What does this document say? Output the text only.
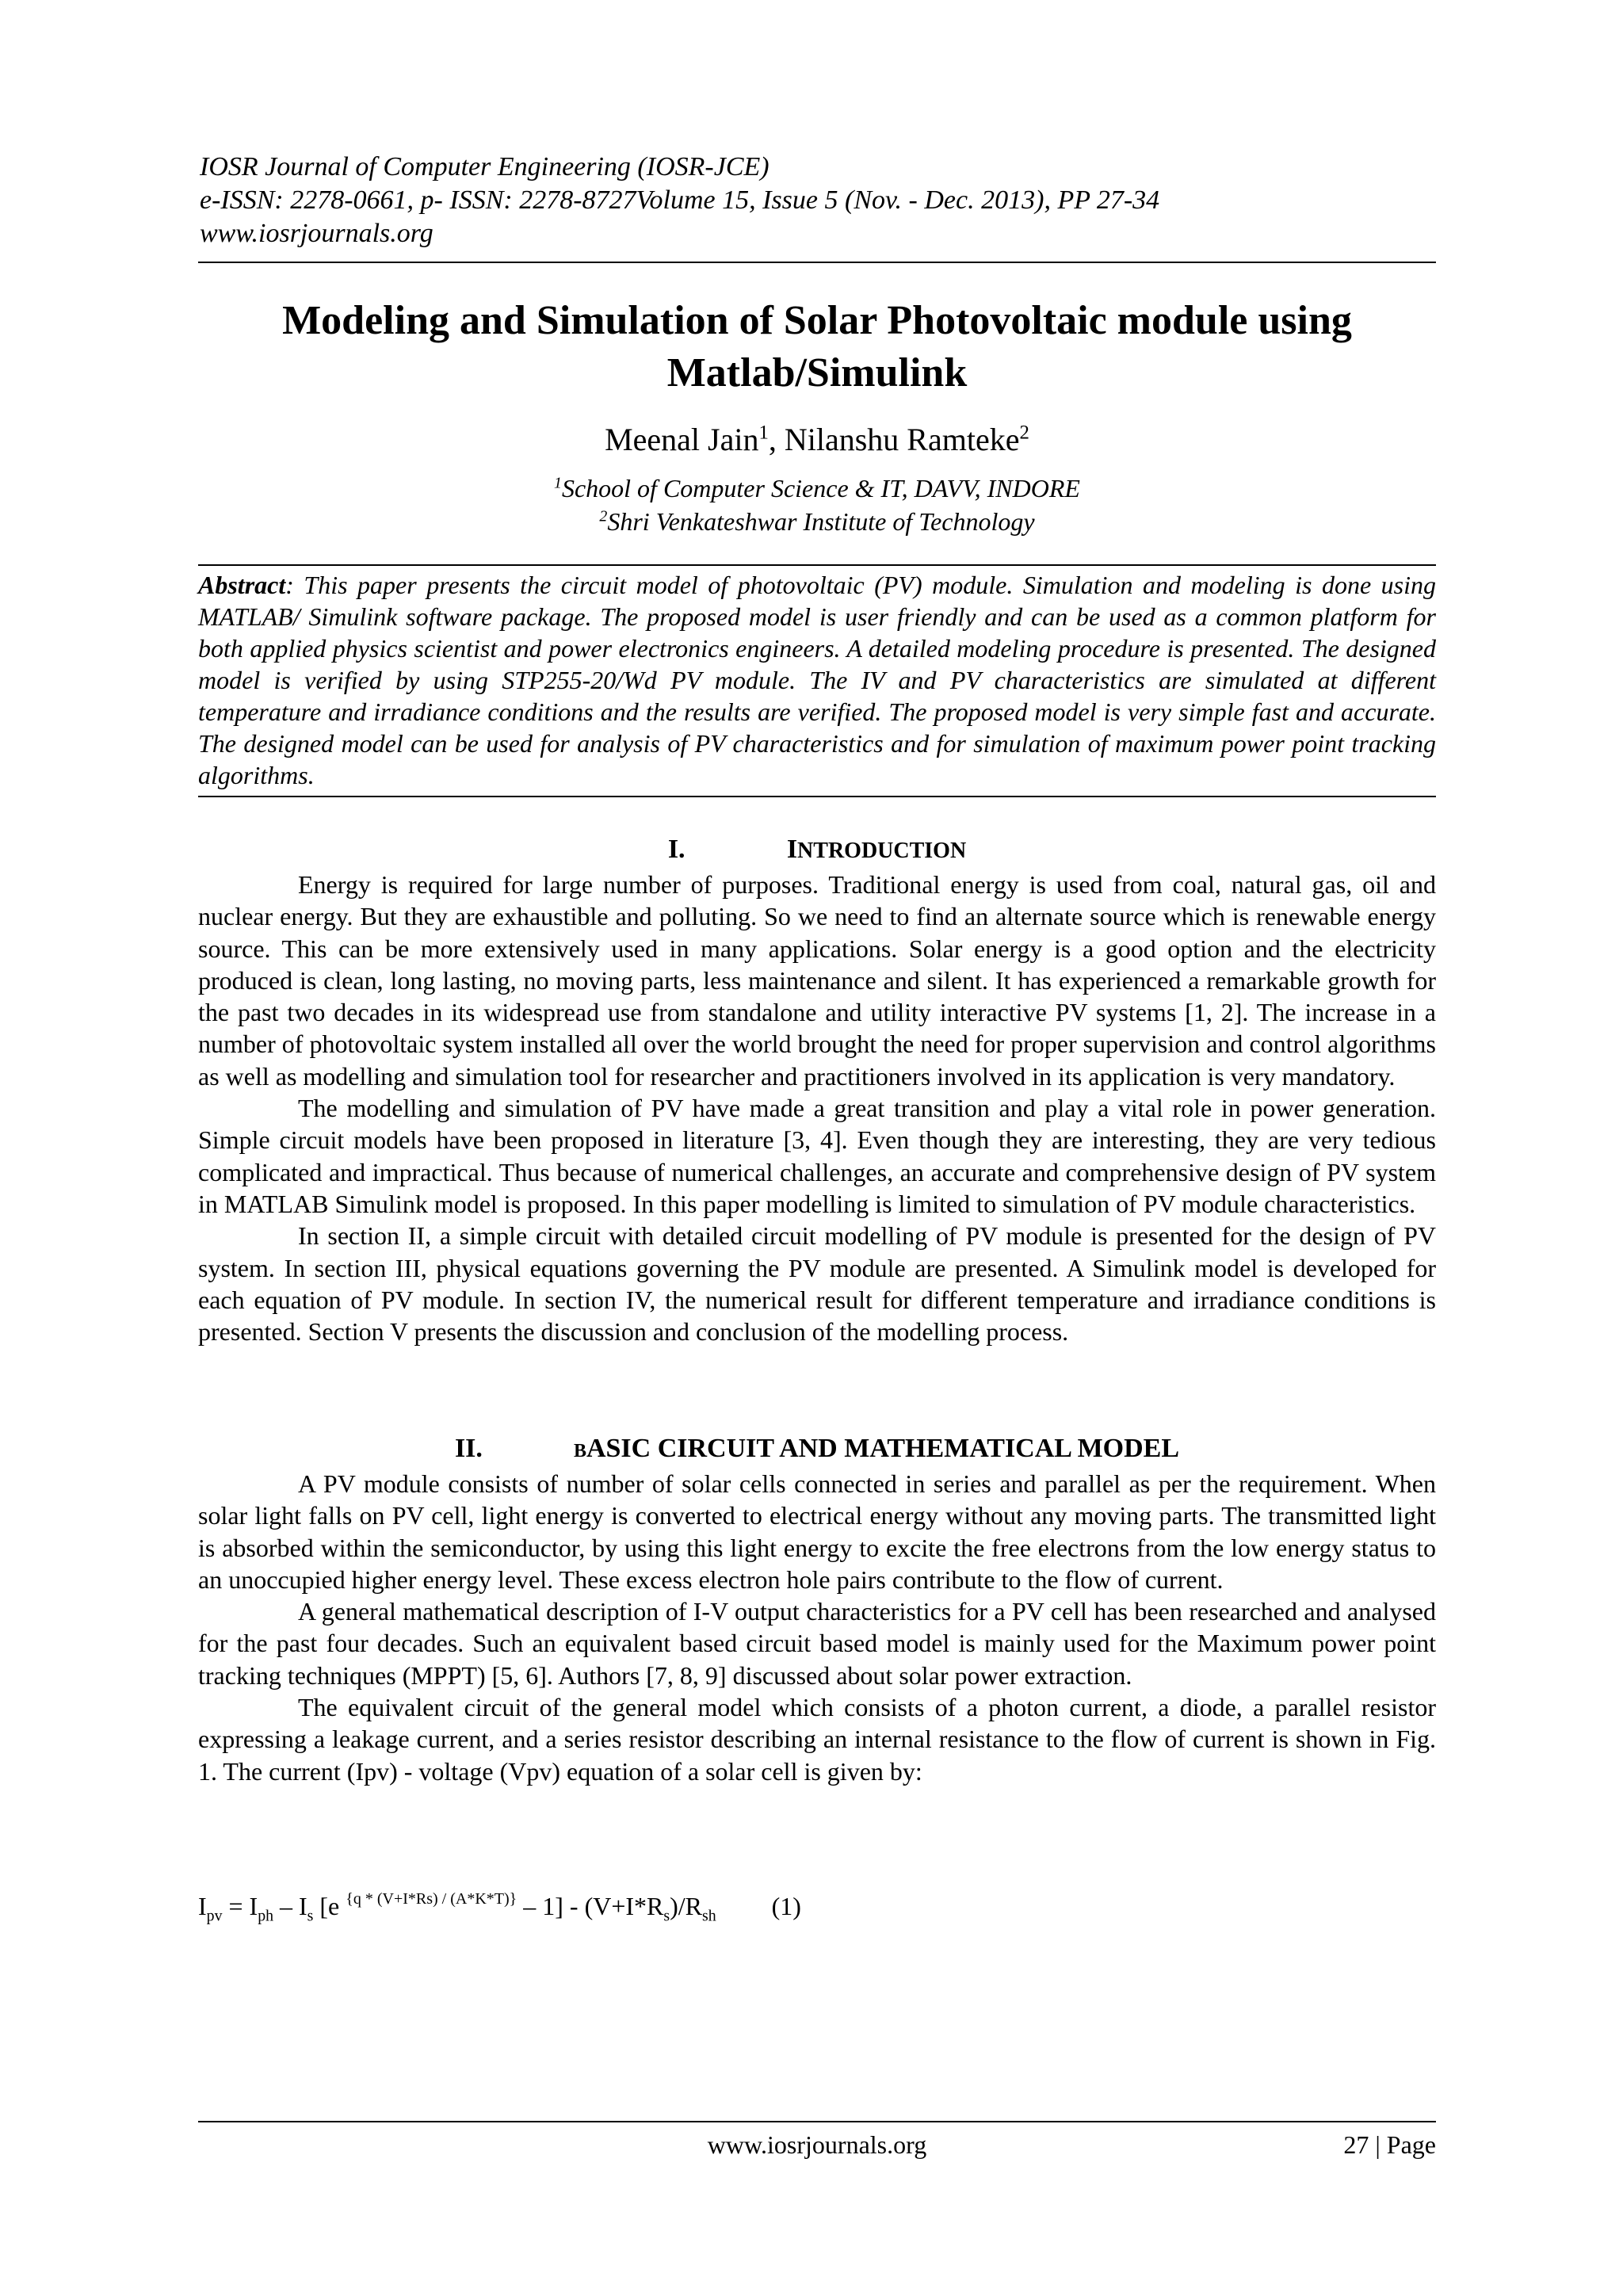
IOSR Journal of Computer Engineering (IOSR-JCE)
e-ISSN: 2278-0661, p- ISSN: 2278-8727Volume 15, Issue 5 (Nov. - Dec. 2013), PP 27-34
www.iosrjournals.org
Modeling and Simulation of Solar Photovoltaic module using
Matlab/Simulink
Meenal Jain$^1$, Nilanshu Ramteke$^2$
$^1$School of Computer Science & IT, DAVV, INDORE
$^2$Shri Venkateshwar Institute of Technology
Abstract: This paper presents the circuit model of photovoltaic (PV) module. Simulation and modeling is done using MATLAB/ Simulink software package. The proposed model is user friendly and can be used as a common platform for both applied physics scientist and power electronics engineers. A detailed modeling procedure is presented. The designed model is verified by using STP255-20/Wd PV module. The IV and PV characteristics are simulated at different temperature and irradiance conditions and the results are verified. The proposed model is very simple fast and accurate. The designed model can be used for analysis of PV characteristics and for simulation of maximum power point tracking algorithms.
I.	INTRODUCTION

Energy is required for large number of purposes. Traditional energy is used from coal, natural gas, oil and nuclear energy. But they are exhaustible and polluting. So we need to find an alternate source which is renewable energy source. This can be more extensively used in many applications. Solar energy is a good option and the electricity produced is clean, long lasting, no moving parts, less maintenance and silent. It has experienced a remarkable growth for the past two decades in its widespread use from standalone and utility interactive PV systems [1, 2]. The increase in a number of photovoltaic system installed all over the world brought the need for proper supervision and control algorithms as well as modelling and simulation tool for researcher and practitioners involved in its application is very mandatory.

The modelling and simulation of PV have made a great transition and play a vital role in power generation. Simple circuit models have been proposed in literature [3, 4]. Even though they are interesting, they are very tedious complicated and impractical. Thus because of numerical challenges, an accurate and comprehensive design of PV system in MATLAB Simulink model is proposed. In this paper modelling is limited to simulation of PV module characteristics.

In section II, a simple circuit with detailed circuit modelling of PV module is presented for the design of PV system. In section III, physical equations governing the PV module are presented. A Simulink model is developed for each equation of PV module. In section IV, the numerical result for different temperature and irradiance conditions is presented. Section V presents the discussion and conclusion of the modelling process.

II.	BASIC CIRCUIT AND MATHEMATICAL MODEL

A PV module consists of number of solar cells connected in series and parallel as per the requirement. When solar light falls on PV cell, light energy is converted to electrical energy without any moving parts. The transmitted light is absorbed within the semiconductor, by using this light energy to excite the free electrons from the low energy status to an unoccupied higher energy level. These excess electron hole pairs contribute to the flow of current.

A general mathematical description of I-V output characteristics for a PV cell has been researched and analysed for the past four decades. Such an equivalent based circuit based model is mainly used for the Maximum power point tracking techniques (MPPT) [5, 6]. Authors [7, 8, 9] discussed about solar power extraction.

The equivalent circuit of the general model which consists of a photon current, a diode, a parallel resistor expressing a leakage current, and a series resistor describing an internal resistance to the flow of current is shown in Fig. 1. The current (Ipv) - voltage (Vpv) equation of a solar cell is given by:

$I_{pv} = I_{ph} - I_s$ [e $^{\{q * (V+I*Rs) / (A*K*T)\}} - 1] - (V+I*R_s)/R_{sh}$ (1)
www.iosrjournals.org	27 | Page
